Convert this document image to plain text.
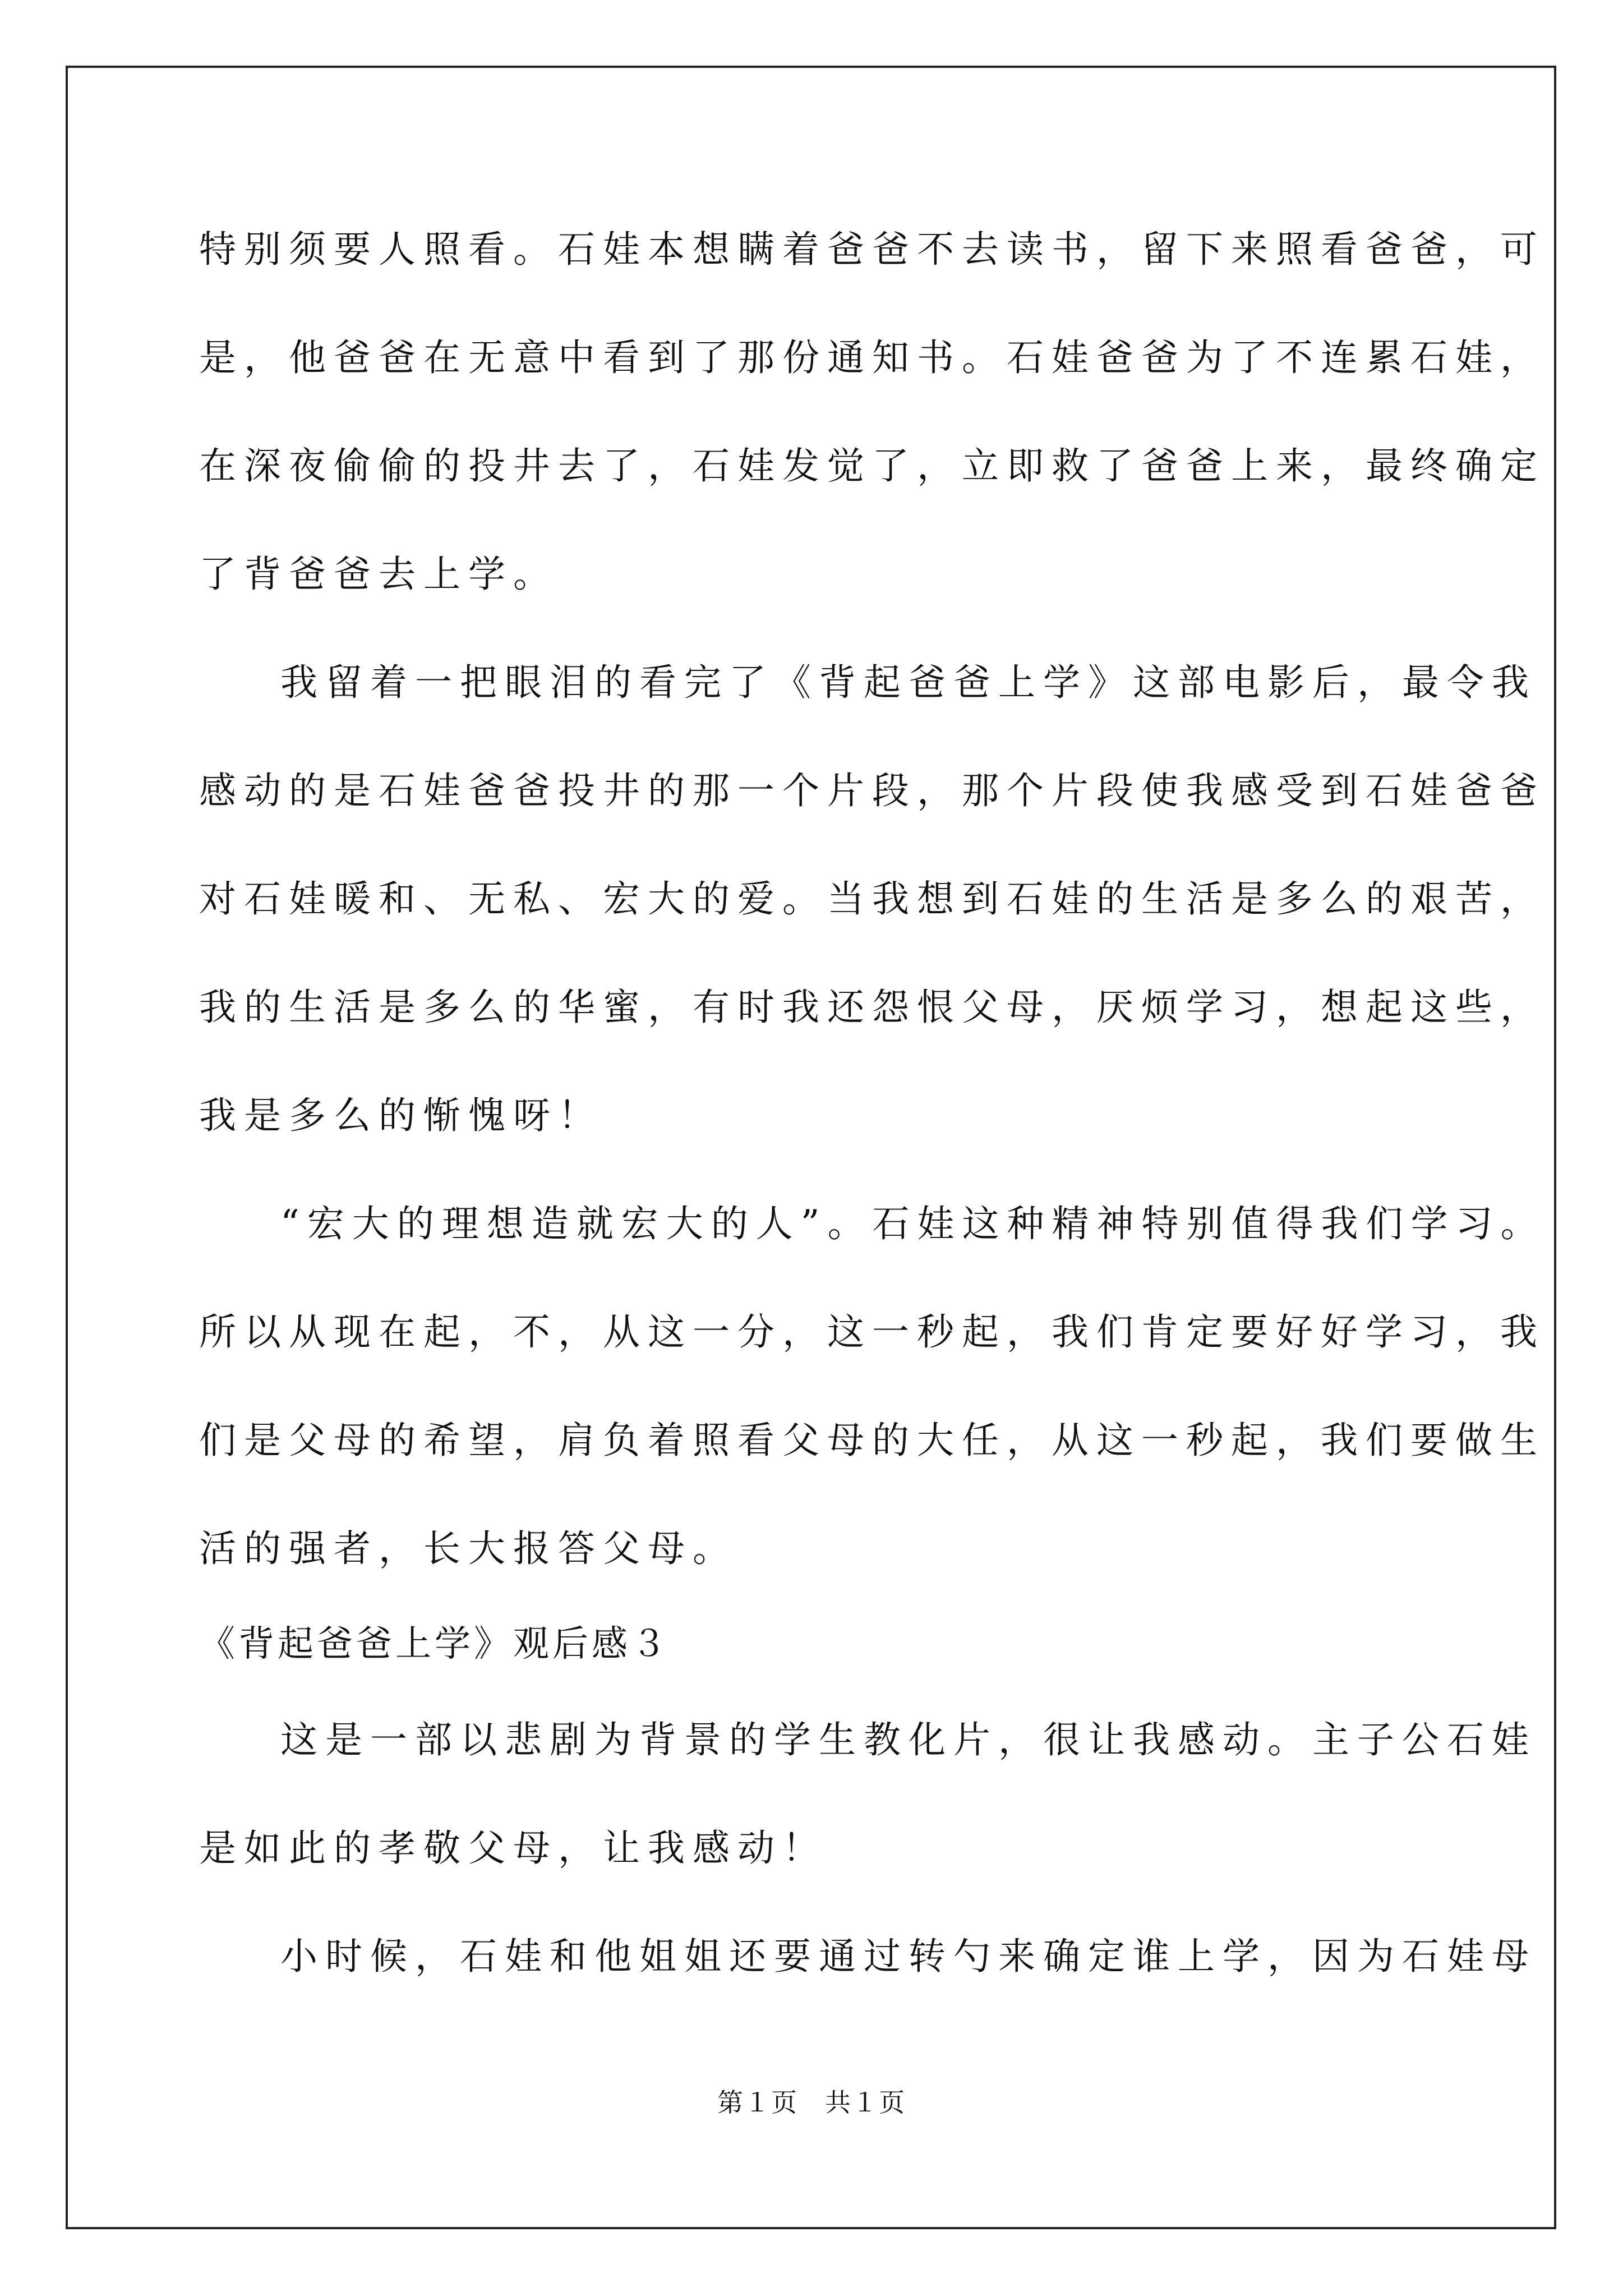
特别须要人照看。石娃本想瞒着爸爸不去读书，留下来照看爸爸，可
是，他爸爸在无意中看到了那份通知书。石娃爸爸为了不连累石娃，
在深夜偷偷的投井去了，石娃发觉了，立即救了爸爸上来，最终确定
了背爸爸去上学。
我留着一把眼泪的看完了《背起爸爸上学》这部电影后，最令我
感动的是石娃爸爸投井的那一个片段，那个片段使我感受到石娃爸爸
对石娃暖和、无私、宏大的爱。当我想到石娃的生活是多么的艰苦，
我的生活是多么的华蜜，有时我还怨恨父母，厌烦学习，想起这些，
我是多么的惭愧呀！
“宏大的理想造就宏大的人”。石娃这种精神特别值得我们学习。
所以从现在起，不，从这一分，这一秒起，我们肯定要好好学习，我
们是父母的希望，肩负着照看父母的大任，从这一秒起，我们要做生
活的强者，长大报答父母。
《背起爸爸上学》观后感３
这是一部以悲剧为背景的学生教化片，很让我感动。主子公石娃
是如此的孝敬父母，让我感动！
小时候，石娃和他姐姐还要通过转勺来确定谁上学，因为石娃母
第１页　共１页
